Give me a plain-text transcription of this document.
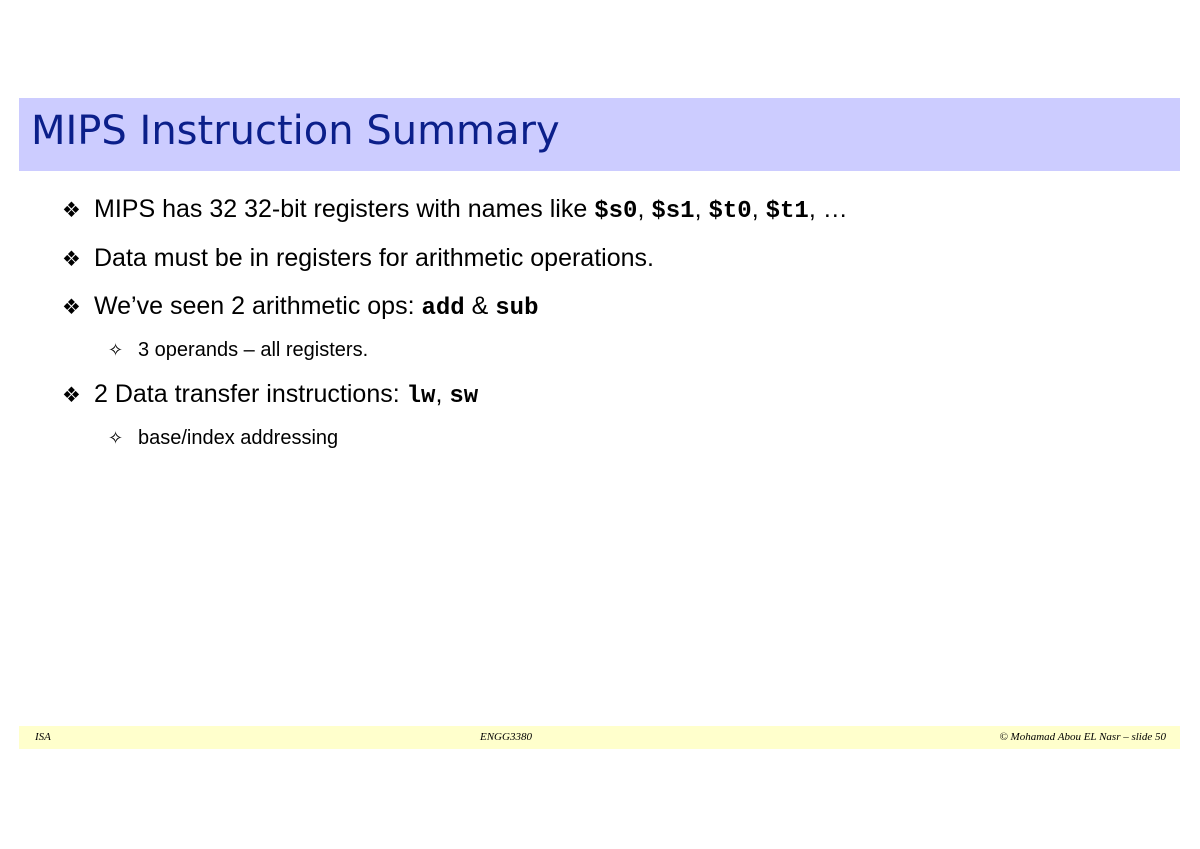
MIPS Instruction Summary
❖ MIPS has 32 32-bit registers with names like $s0, $s1, $t0, $t1, …
❖ Data must be in registers for arithmetic operations.
❖ We’ve seen 2 arithmetic ops: add & sub
✧ 3 operands – all registers.
❖ 2 Data transfer instructions: lw, sw
✧ base/index addressing
ISA	ENGG3380	© Mohamad Abou EL Nasr – slide 50
